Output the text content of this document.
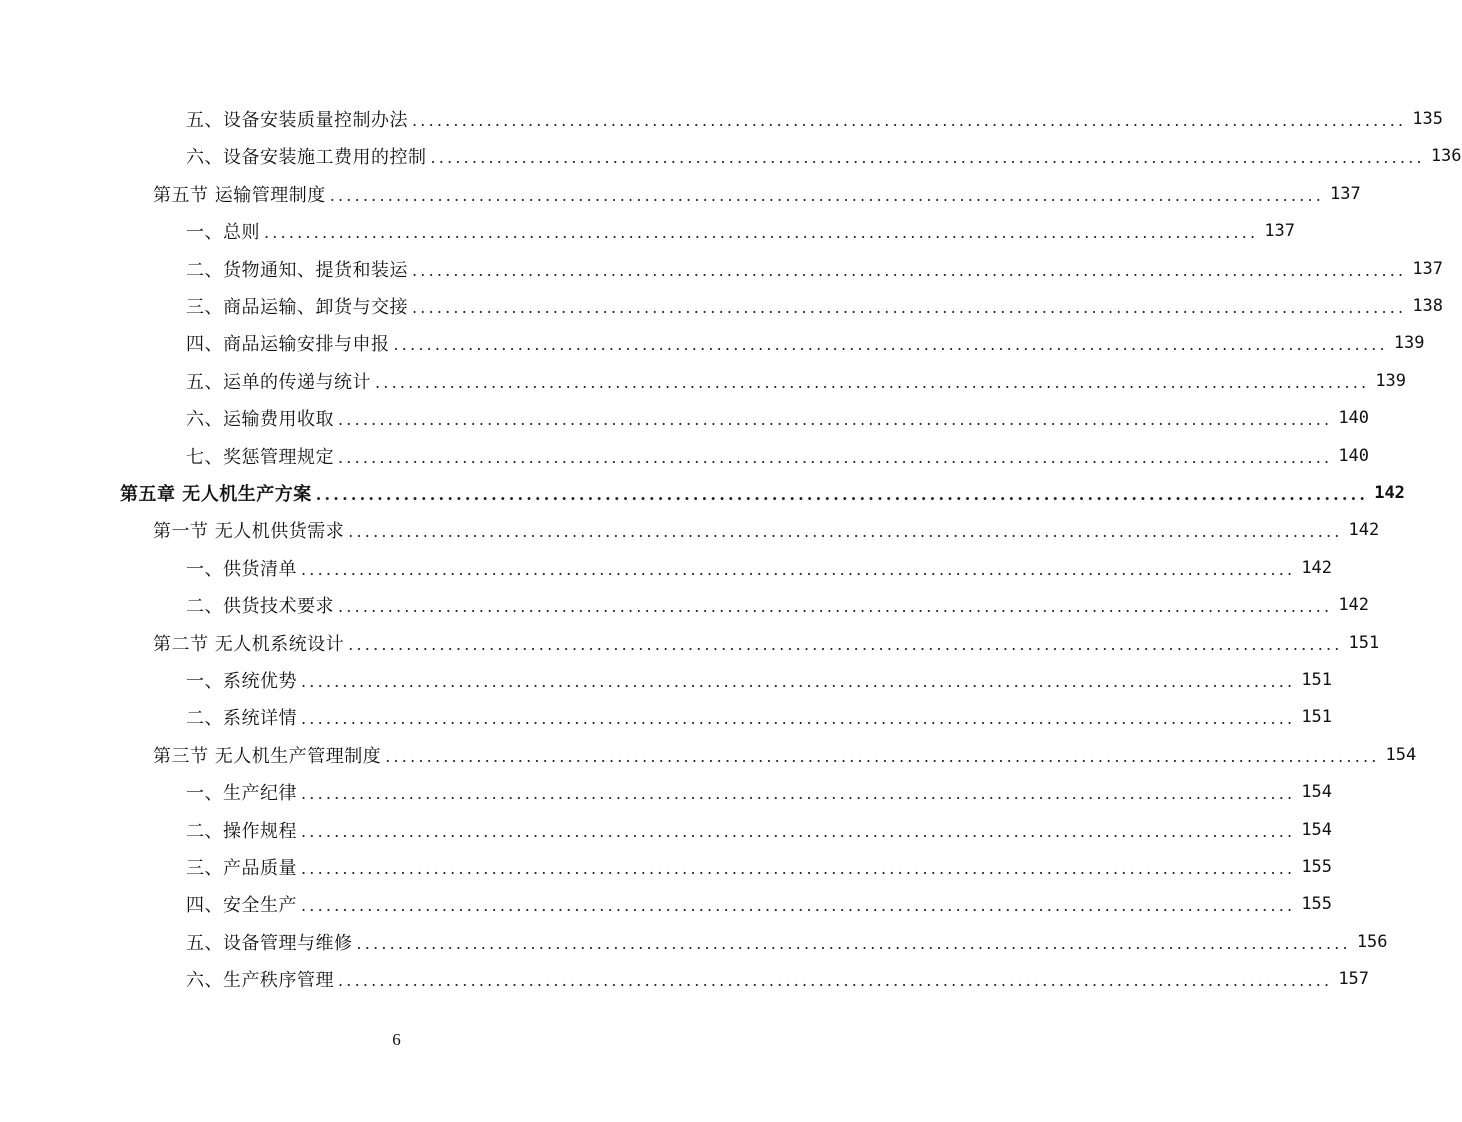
五、设备安装质量控制办法 ........................................................................................................................ 135
六、设备安装施工费用的控制 ........................................................................................................................ 136
第五节 运输管理制度 ........................................................................................................................ 137
一、总则 ........................................................................................................................ 137
二、货物通知、提货和装运 ........................................................................................................................ 137
三、商品运输、卸货与交接 ........................................................................................................................ 138
四、商品运输安排与申报 ........................................................................................................................ 139
五、运单的传递与统计 ........................................................................................................................ 139
六、运输费用收取 ........................................................................................................................ 140
七、奖惩管理规定 ........................................................................................................................ 140
第五章 无人机生产方案 ........................................................................................................................ 142
第一节 无人机供货需求 ........................................................................................................................ 142
一、供货清单 ........................................................................................................................ 142
二、供货技术要求 ........................................................................................................................ 142
第二节 无人机系统设计 ........................................................................................................................ 151
一、系统优势 ........................................................................................................................ 151
二、系统详情 ........................................................................................................................ 151
第三节 无人机生产管理制度 ........................................................................................................................ 154
一、生产纪律 ........................................................................................................................ 154
二、操作规程 ........................................................................................................................ 154
三、产品质量 ........................................................................................................................ 155
四、安全生产 ........................................................................................................................ 155
五、设备管理与维修 ........................................................................................................................ 156
六、生产秩序管理 ........................................................................................................................ 157
6
